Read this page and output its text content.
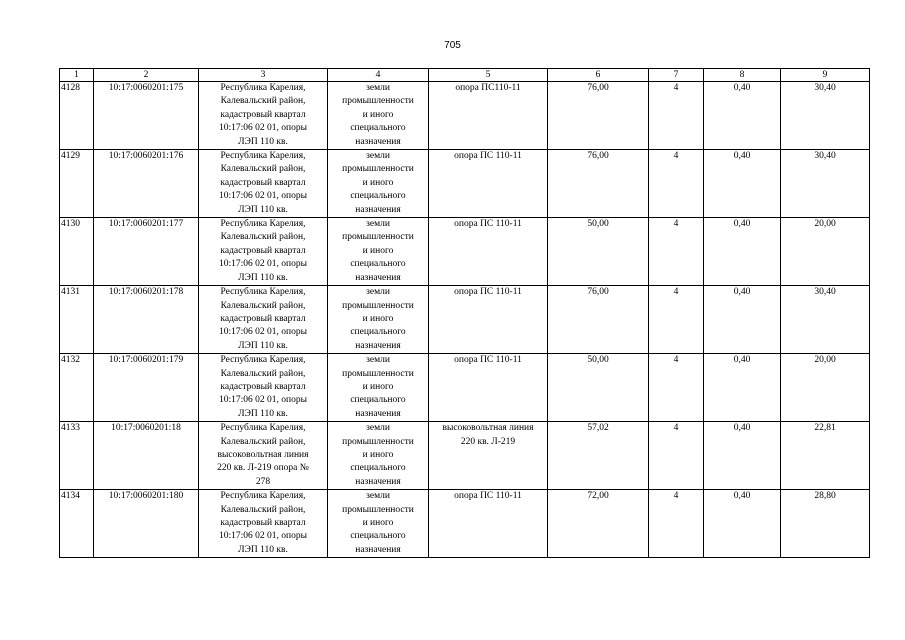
705
1	2	3	4	5	6	7	8	9
4128	10:17:0060201:175	Республика Карелия,
Калевальский район,
кадастровый квартал
10:17:06 02 01, опоры
ЛЭП 110 кв.	земли
промышленности
и иного
специального
назначения	опора ПС110-11	76,00	4	0,40	30,40
4129	10:17:0060201:176	Республика Карелия,
Калевальский район,
кадастровый квартал
10:17:06 02 01, опоры
ЛЭП 110 кв.	земли
промышленности
и иного
специального
назначения	опора ПС 110-11	76,00	4	0,40	30,40
4130	10:17:0060201:177	Республика Карелия,
Калевальский район,
кадастровый квартал
10:17:06 02 01, опоры
ЛЭП 110 кв.	земли
промышленности
и иного
специального
назначения	опора ПС 110-11	50,00	4	0,40	20,00
4131	10:17:0060201:178	Республика Карелия,
Калевальский район,
кадастровый квартал
10:17:06 02 01, опоры
ЛЭП 110 кв.	земли
промышленности
и иного
специального
назначения	опора ПС 110-11	76,00	4	0,40	30,40
4132	10:17:0060201:179	Республика Карелия,
Калевальский район,
кадастровый квартал
10:17:06 02 01, опоры
ЛЭП 110 кв.	земли
промышленности
и иного
специального
назначения	опора ПС 110-11	50,00	4	0,40	20,00
4133	10:17:0060201:18	Республика Карелия,
Калевальский район,
высоковольтная линия
220 кв. Л-219 опора №
278	земли
промышленности
и иного
специального
назначения	высоковольтная линия
220 кв. Л-219	57,02	4	0,40	22,81
4134	10:17:0060201:180	Республика Карелия,
Калевальский район,
кадастровый квартал
10:17:06 02 01, опоры
ЛЭП 110 кв.	земли
промышленности
и иного
специального
назначения	опора ПС 110-11	72,00	4	0,40	28,80
